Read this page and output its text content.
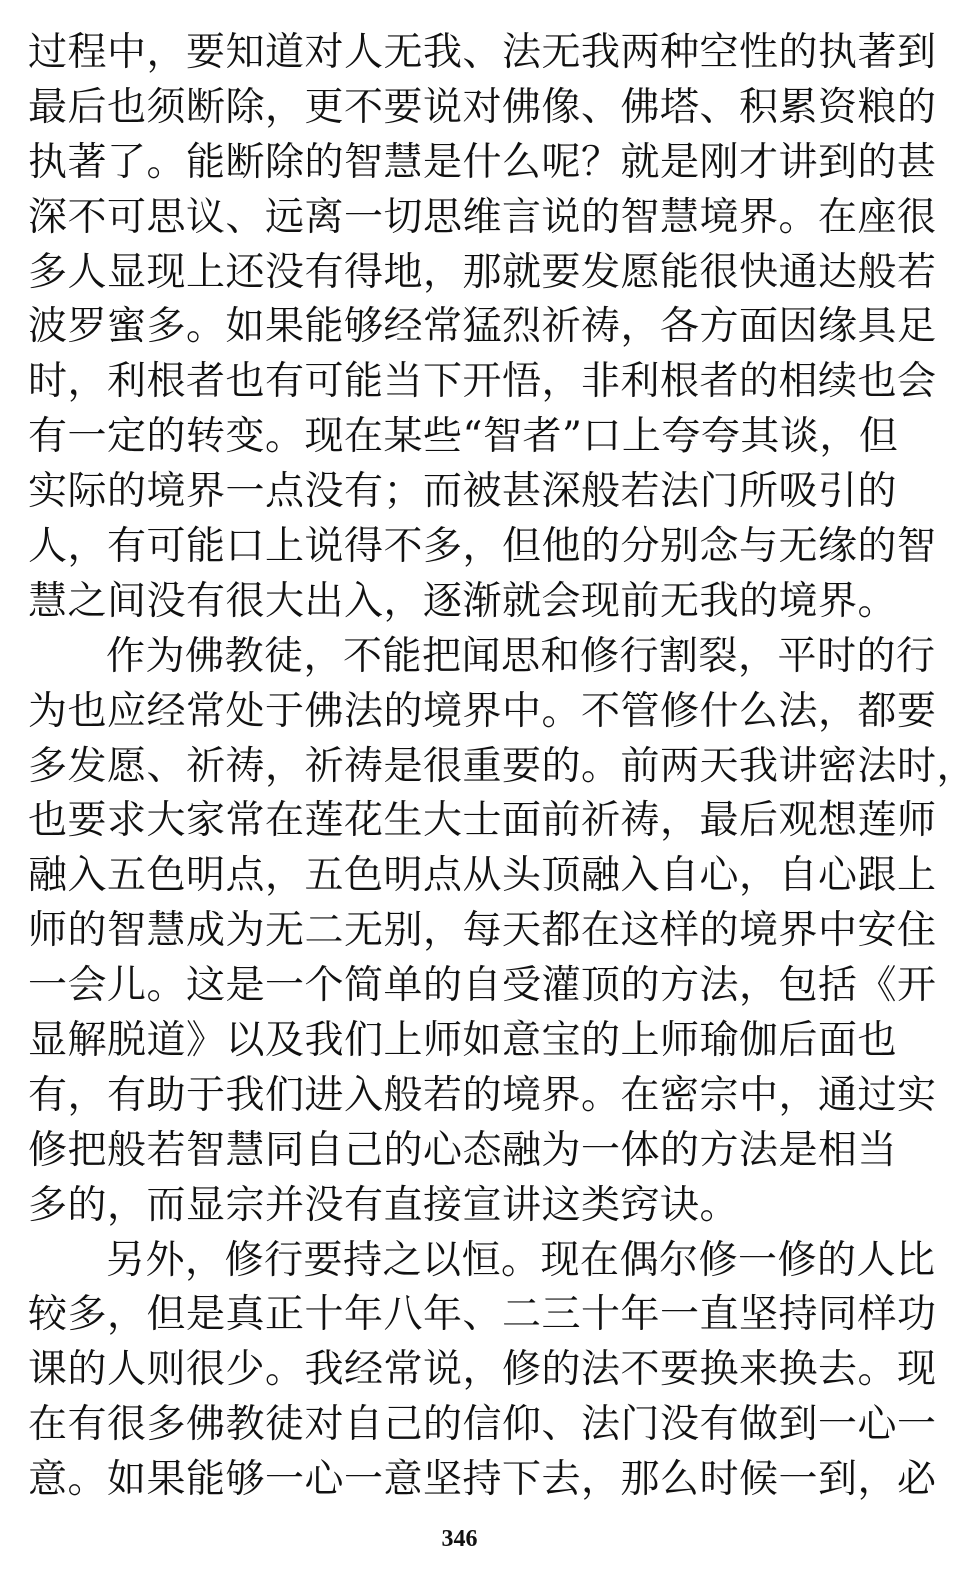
过程中，要知道对人无我、法无我两种空性的执著到
最后也须断除，更不要说对佛像、佛塔、积累资粮的
执著了。能断除的智慧是什么呢？就是刚才讲到的甚
深不可思议、远离一切思维言说的智慧境界。在座很
多人显现上还没有得地，那就要发愿能很快通达般若
波罗蜜多。如果能够经常猛烈祈祷，各方面因缘具足
时，利根者也有可能当下开悟，非利根者的相续也会
有一定的转变。现在某些“智者”口上夸夸其谈，但
实际的境界一点没有；而被甚深般若法门所吸引的
人，有可能口上说得不多，但他的分别念与无缘的智
慧之间没有很大出入，逐渐就会现前无我的境界。

作为佛教徒，不能把闻思和修行割裂，平时的行
为也应经常处于佛法的境界中。不管修什么法，都要
多发愿、祈祷，祈祷是很重要的。前两天我讲密法时，
也要求大家常在莲花生大士面前祈祷，最后观想莲师
融入五色明点，五色明点从头顶融入自心，自心跟上
师的智慧成为无二无别，每天都在这样的境界中安住
一会儿。这是一个简单的自受灌顶的方法，包括《开
显解脱道》以及我们上师如意宝的上师瑜伽后面也
有，有助于我们进入般若的境界。在密宗中，通过实
修把般若智慧同自己的心态融为一体的方法是相当
多的，而显宗并没有直接宣讲这类窍诀。

另外，修行要持之以恒。现在偶尔修一修的人比
较多，但是真正十年八年、二三十年一直坚持同样功
课的人则很少。我经常说，修的法不要换来换去。现
在有很多佛教徒对自己的信仰、法门没有做到一心一
意。如果能够一心一意坚持下去，那么时候一到，必

346
